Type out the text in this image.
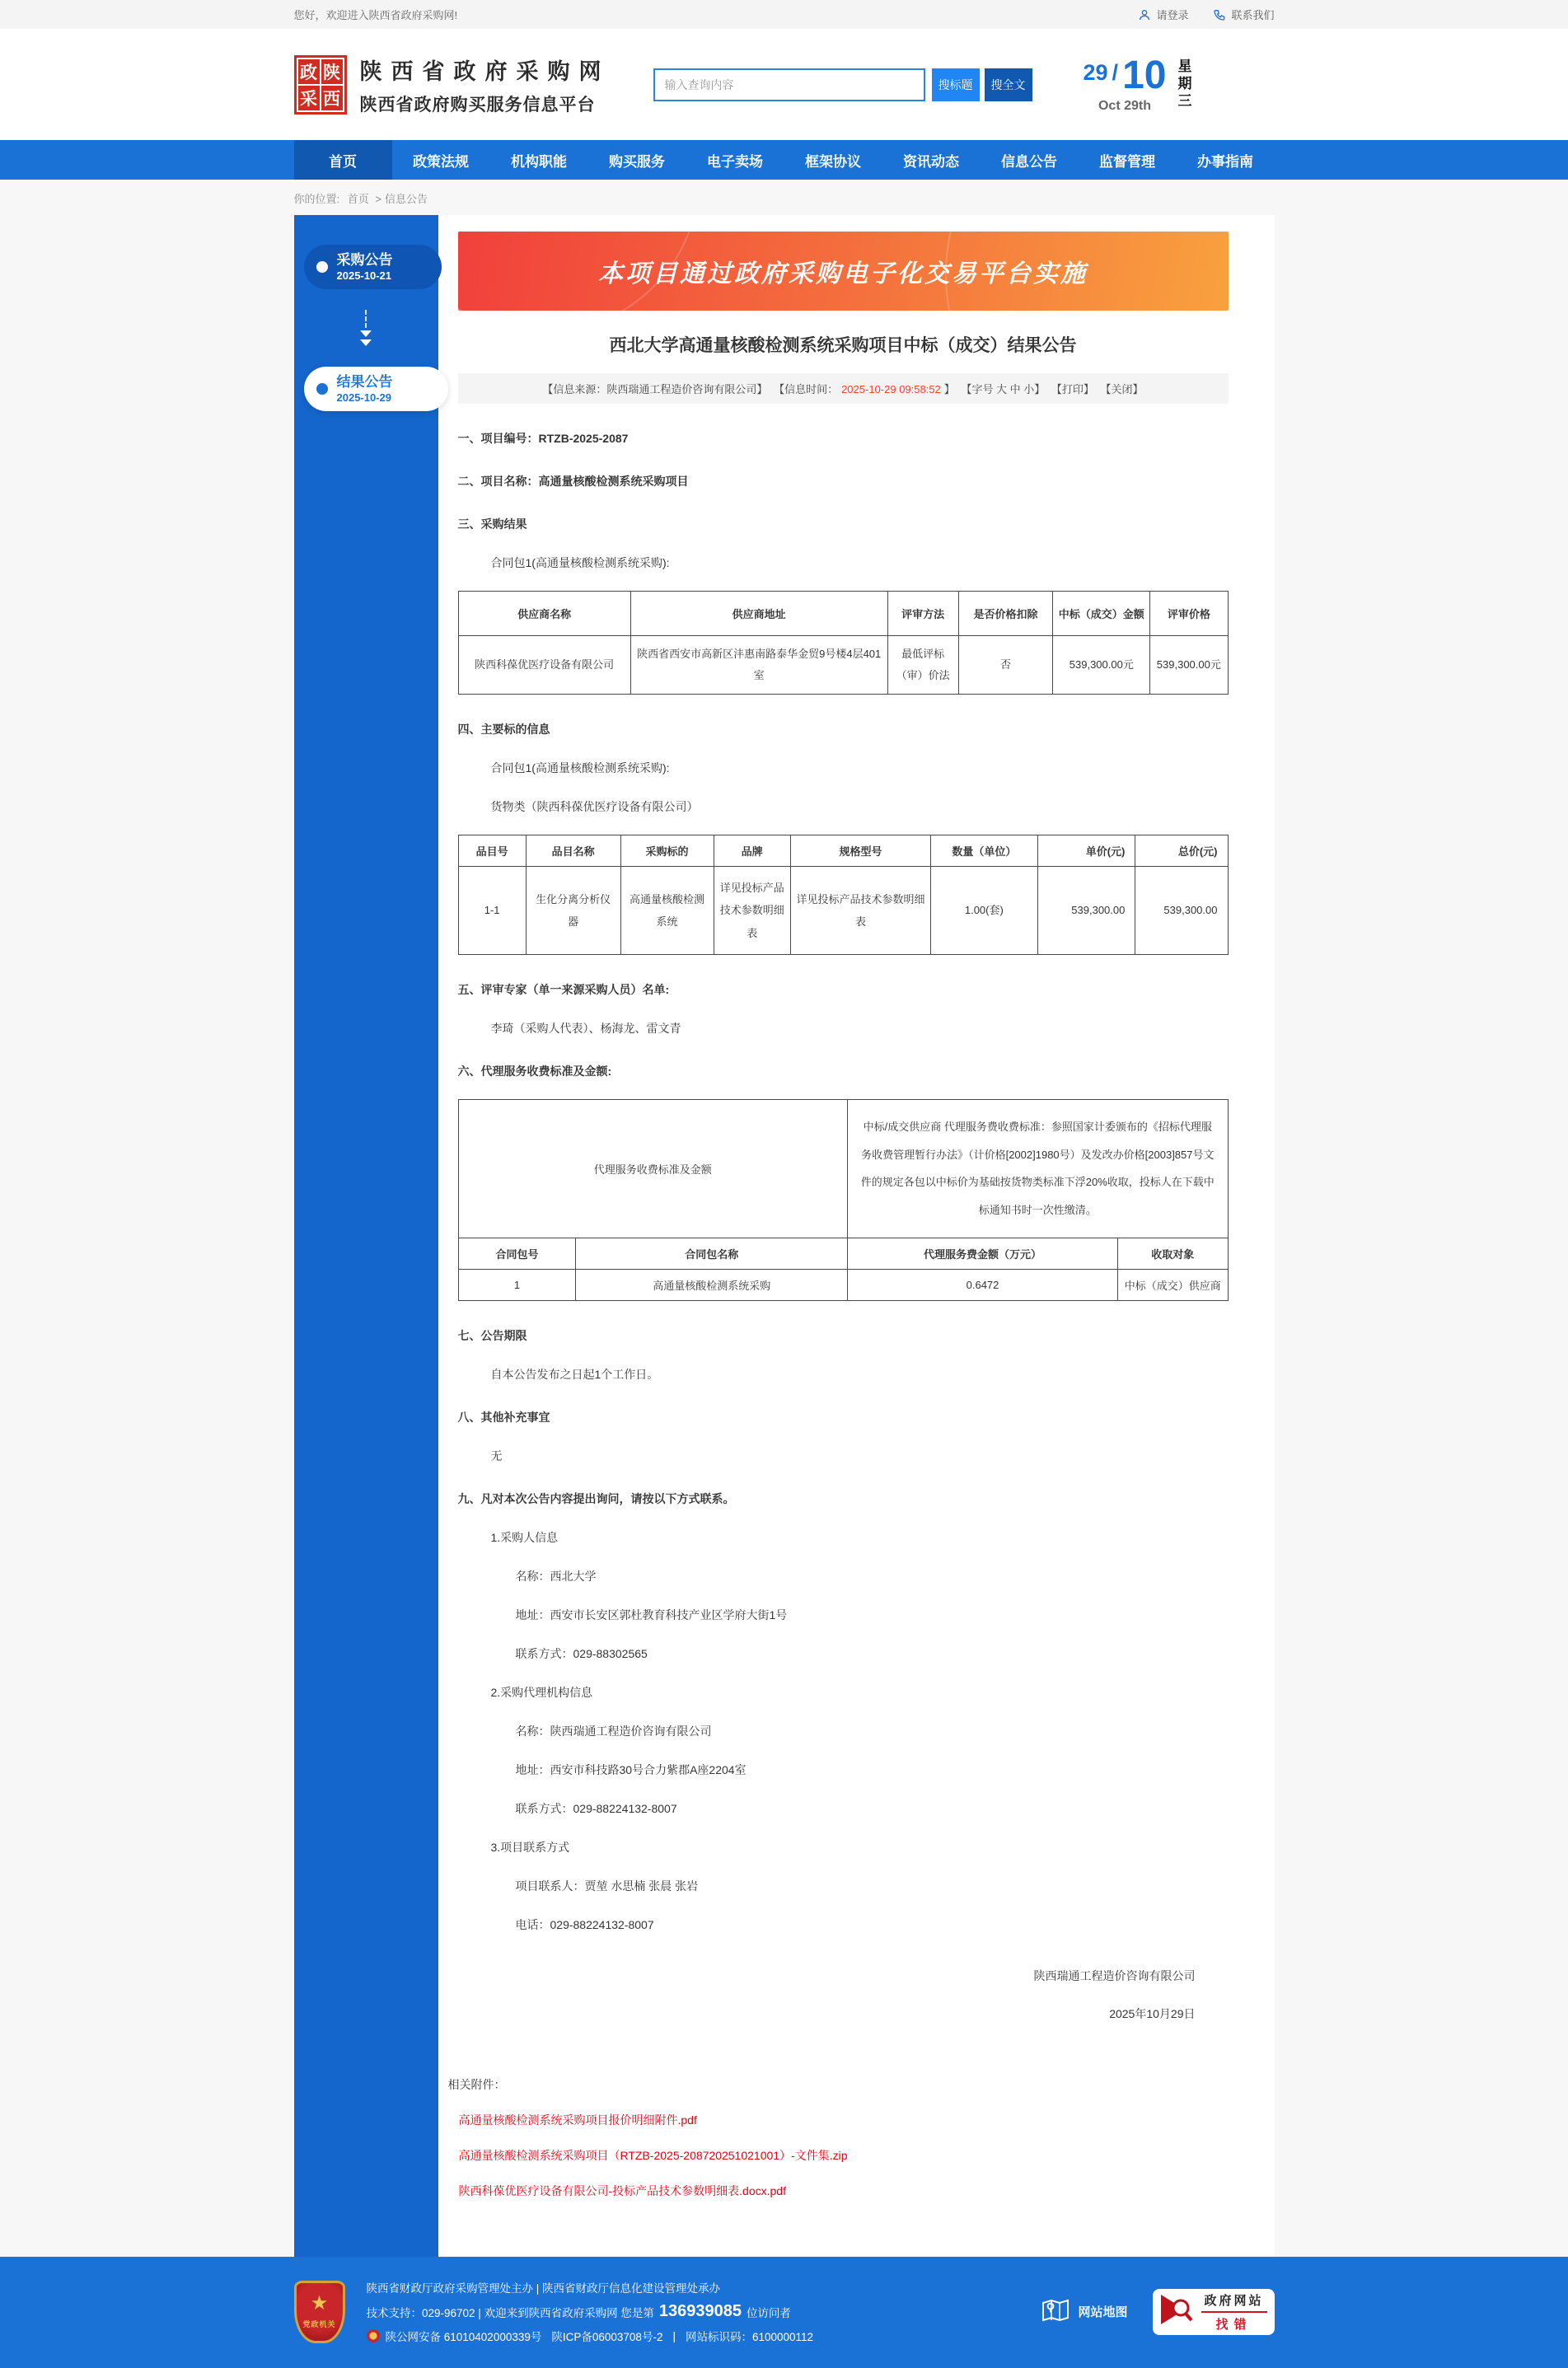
您好，欢迎进入陕西省政府采购网!	请登录	联系我们
政 陕
采 西
陕西省政府采购网
陕西省政府购买服务信息平台
输入查询内容
搜标题	搜全文	29 / 10
Oct 29th
星期三
首页	政策法规	机构职能	购买服务	电子卖场	框架协议	资讯动态	信息公告	监督管理	办事指南
你的位置: 首页 > 信息公告
采购公告
2025-10-21
结果公告
2025-10-29
本项目通过政府采购电子化交易平台实施
西北大学高通量核酸检测系统采购项目中标（成交）结果公告
【信息来源：陕西瑞通工程造价咨询有限公司】 【信息时间： 2025-10-29 09:58:52 】 【字号 大 中 小】 【打印】 【关闭】
一、项目编号：RTZB-2025-2087
二、项目名称：高通量核酸检测系统采购项目
三、采购结果
合同包1(高通量核酸检测系统采购):
供应商名称	供应商地址	评审方法	是否价格扣除	中标（成交）金额	评审价格
陕西科葆优医疗设备有限公司	陕西省西安市高新区沣惠南路泰华金贸9号楼4层401室	最低评标（审）价法	否	539,300.00元	539,300.00元
四、主要标的信息
合同包1(高通量核酸检测系统采购):
货物类（陕西科葆优医疗设备有限公司）
品目号	品目名称	采购标的	品牌	规格型号	数量（单位）	单价(元)	总价(元)
1-1	生化分离分析仪器	高通量核酸检测系统	详见投标产品技术参数明细表	详见投标产品技术参数明细表	1.00(套)	539,300.00	539,300.00
五、评审专家（单一来源采购人员）名单:
李琦（采购人代表）、杨海龙、雷文青
六、代理服务收费标准及金额:
代理服务收费标准及金额		中标/成交供应商 代理服务费收费标准：参照国家计委颁布的《招标代理服务收费管理暂行办法》（计价格[2002]1980号）及发改办价格[2003]857号文件的规定各包以中标价为基础按货物类标准下浮20%收取，投标人在下载中标通知书时一次性缴清。	
合同包号	合同包名称	代理服务费金额（万元）	收取对象
1	高通量核酸检测系统采购	0.6472	中标（成交）供应商
七、公告期限
自本公告发布之日起1个工作日。
八、其他补充事宜
无
九、凡对本次公告内容提出询问，请按以下方式联系。
1.采购人信息
名称：西北大学
地址：西安市长安区郭杜教育科技产业区学府大街1号
联系方式：029-88302565
2.采购代理机构信息
名称：陕西瑞通工程造价咨询有限公司
地址：西安市科技路30号合力紫郡A座2204室
联系方式：029-88224132-8007
3.项目联系方式
项目联系人：贾堃 水思楠 张晨 张岩
电话：029-88224132-8007
陕西瑞通工程造价咨询有限公司
2025年10月29日
相关附件：
高通量核酸检测系统采购项目报价明细附件.pdf
高通量核酸检测系统采购项目（RTZB-2025-208720251021001）-文件集.zip
陕西科葆优医疗设备有限公司-投标产品技术参数明细表.docx.pdf
★
党政机关
陕西省财政厅政府采购管理处主办 | 陕西省财政厅信息化建设管理处承办
技术支持：029-96702 | 欢迎来到陕西省政府采购网 您是第 136939085 位访问者
陕公网安备 61010402000339号 陕ICP备06003708号-2 | 网站标识码：6100000112
网站地图
政府网站
找错
